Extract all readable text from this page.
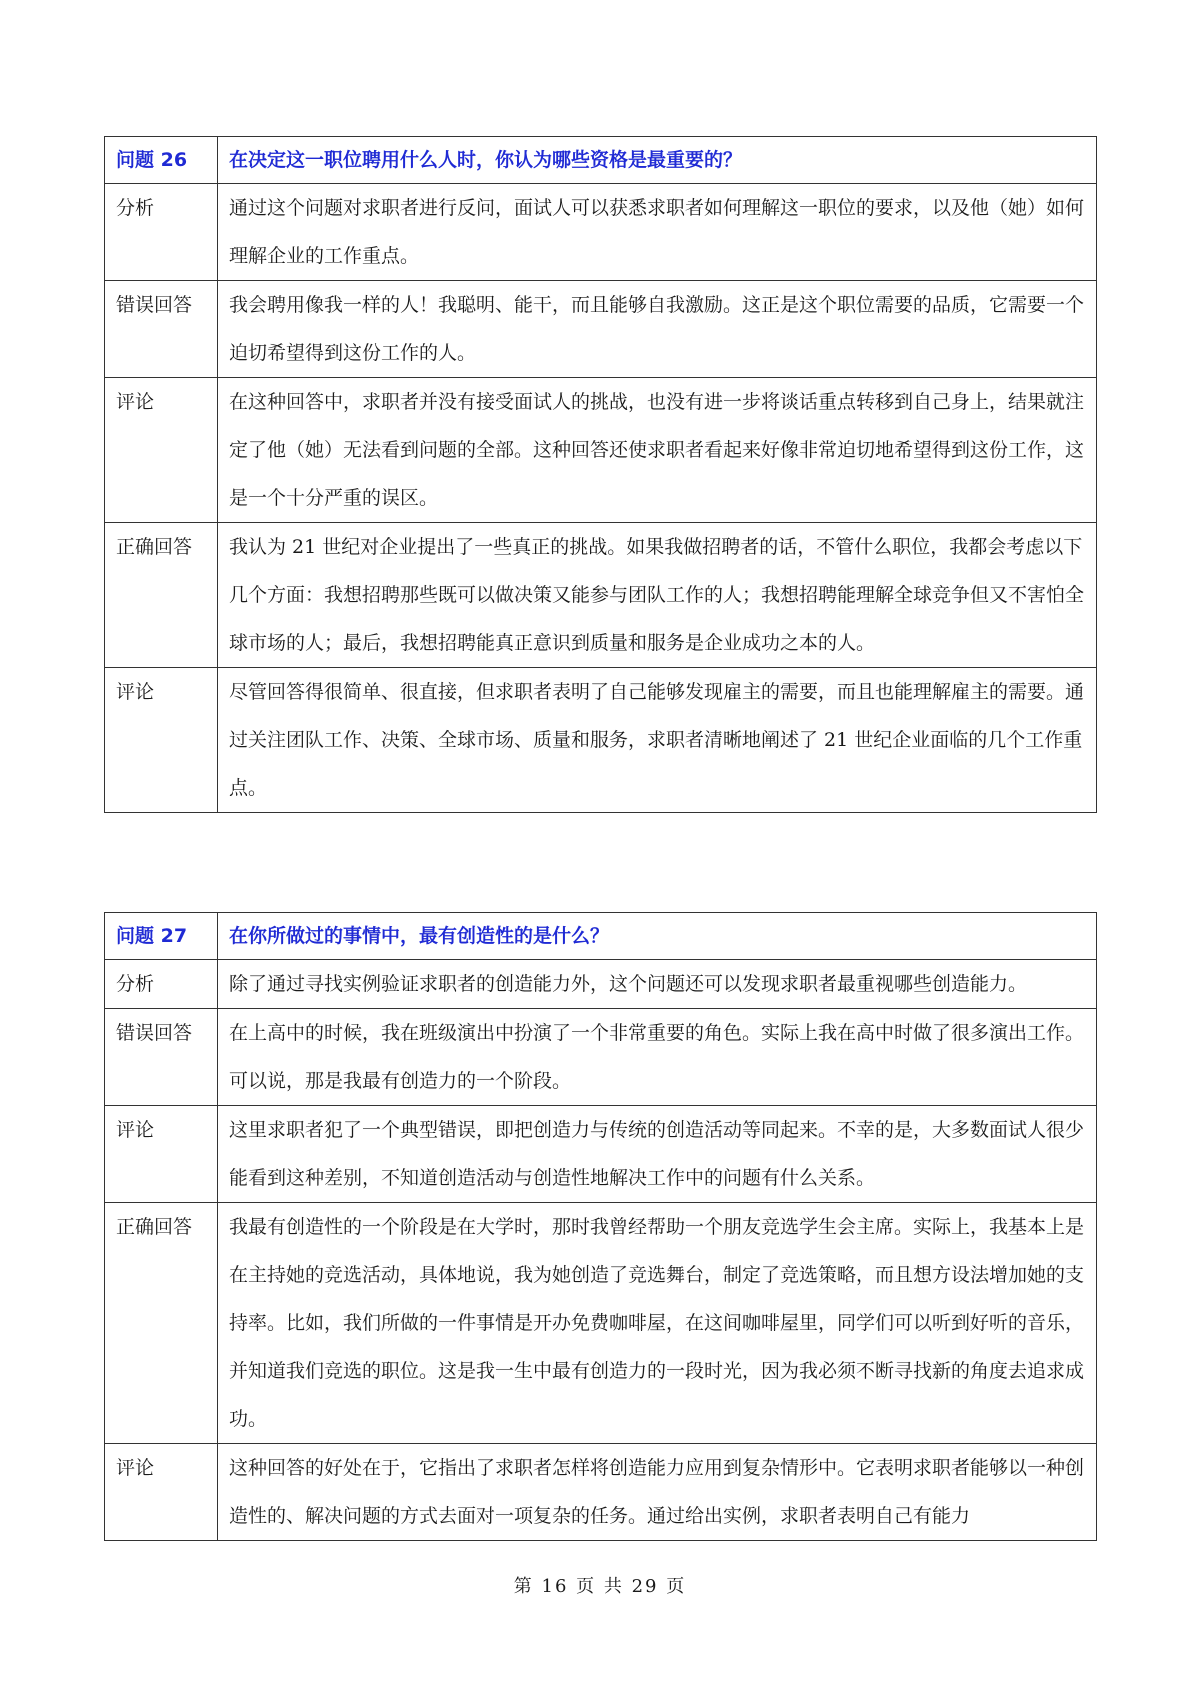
问题 26	在决定这一职位聘用什么人时，你认为哪些资格是最重要的？
分析	通过这个问题对求职者进行反问，面试人可以获悉求职者如何理解这一职位的要求，以及他（她）如何理解企业的工作重点。
错误回答	我会聘用像我一样的人！我聪明、能干，而且能够自我激励。这正是这个职位需要的品质，它需要一个迫切希望得到这份工作的人。
评论	在这种回答中，求职者并没有接受面试人的挑战，也没有进一步将谈话重点转移到自己身上，结果就注定了他（她）无法看到问题的全部。这种回答还使求职者看起来好像非常迫切地希望得到这份工作，这是一个十分严重的误区。
正确回答	我认为 21 世纪对企业提出了一些真正的挑战。如果我做招聘者的话，不管什么职位，我都会考虑以下几个方面：我想招聘那些既可以做决策又能参与团队工作的人；我想招聘能理解全球竞争但又不害怕全球市场的人；最后，我想招聘能真正意识到质量和服务是企业成功之本的人。
评论	尽管回答得很简单、很直接，但求职者表明了自己能够发现雇主的需要，而且也能理解雇主的需要。通过关注团队工作、决策、全球市场、质量和服务，求职者清晰地阐述了 21 世纪企业面临的几个工作重点。
问题 27	在你所做过的事情中，最有创造性的是什么？
分析	除了通过寻找实例验证求职者的创造能力外，这个问题还可以发现求职者最重视哪些创造能力。
错误回答	在上高中的时候，我在班级演出中扮演了一个非常重要的角色。实际上我在高中时做了很多演出工作。可以说，那是我最有创造力的一个阶段。
评论	这里求职者犯了一个典型错误，即把创造力与传统的创造活动等同起来。不幸的是，大多数面试人很少能看到这种差别，不知道创造活动与创造性地解决工作中的问题有什么关系。
正确回答	我最有创造性的一个阶段是在大学时，那时我曾经帮助一个朋友竞选学生会主席。实际上，我基本上是在主持她的竞选活动，具体地说，我为她创造了竞选舞台，制定了竞选策略，而且想方设法增加她的支持率。比如，我们所做的一件事情是开办免费咖啡屋，在这间咖啡屋里，同学们可以听到好听的音乐，并知道我们竞选的职位。这是我一生中最有创造力的一段时光，因为我必须不断寻找新的角度去追求成功。
评论	这种回答的好处在于，它指出了求职者怎样将创造能力应用到复杂情形中。它表明求职者能够以一种创造性的、解决问题的方式去面对一项复杂的任务。通过给出实例，求职者表明自己有能力
第 16 页 共 29 页
